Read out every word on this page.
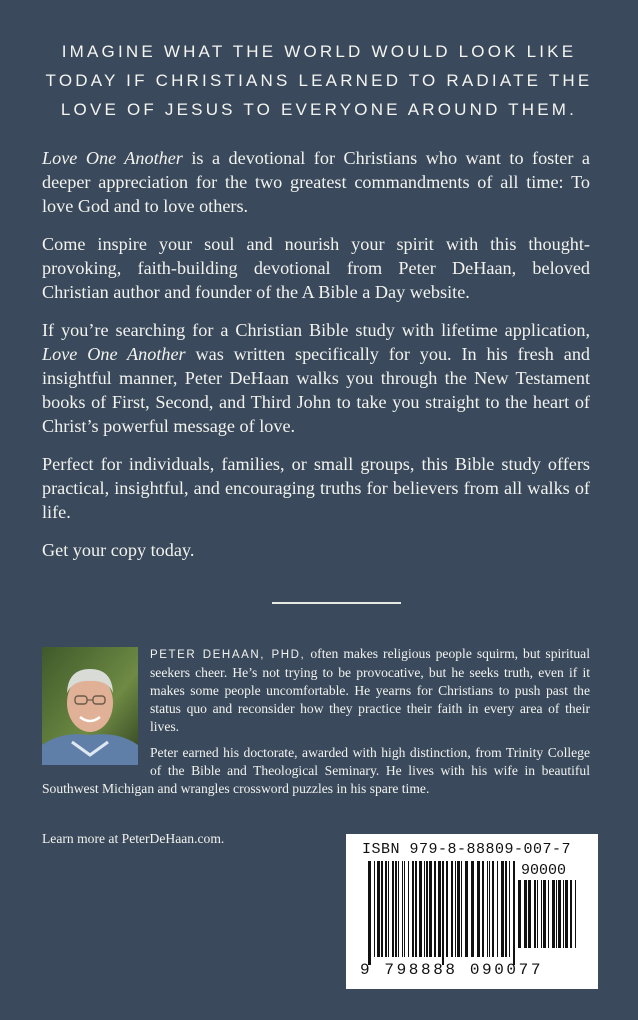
IMAGINE WHAT THE WORLD WOULD LOOK LIKE
TODAY IF CHRISTIANS LEARNED TO RADIATE THE
LOVE OF JESUS TO EVERYONE AROUND THEM.

Love One Another is a devotional for Christians who want to foster a deeper appreciation for the two greatest commandments of all time: To love God and to love others.

Come inspire your soul and nourish your spirit with this thought-provoking, faith-building devotional from Peter DeHaan, beloved Christian author and founder of the A Bible a Day website.

If you’re searching for a Christian Bible study with lifetime application, Love One Another was written specifically for you. In his fresh and insightful manner, Peter DeHaan walks you through the New Testament books of First, Second, and Third John to take you straight to the heart of Christ’s powerful message of love.

Perfect for individuals, families, or small groups, this Bible study offers practical, insightful, and encouraging truths for believers from all walks of life.

Get your copy today.

PETER DEHAAN, PHD, often makes religious people squirm, but spiritual seekers cheer. He’s not trying to be provocative, but he seeks truth, even if it makes some people uncomfortable. He yearns for Christians to push past the status quo and reconsider how they practice their faith in every area of their lives.

Peter earned his doctorate, awarded with high distinction, from Trinity College of the Bible and Theological Seminary. He lives with his wife in beautiful Southwest Michigan and wrangles crossword puzzles in his spare time.

Learn more at PeterDeHaan.com.
ISBN 979-8-88809-007-7
90000
9 798888 090077
